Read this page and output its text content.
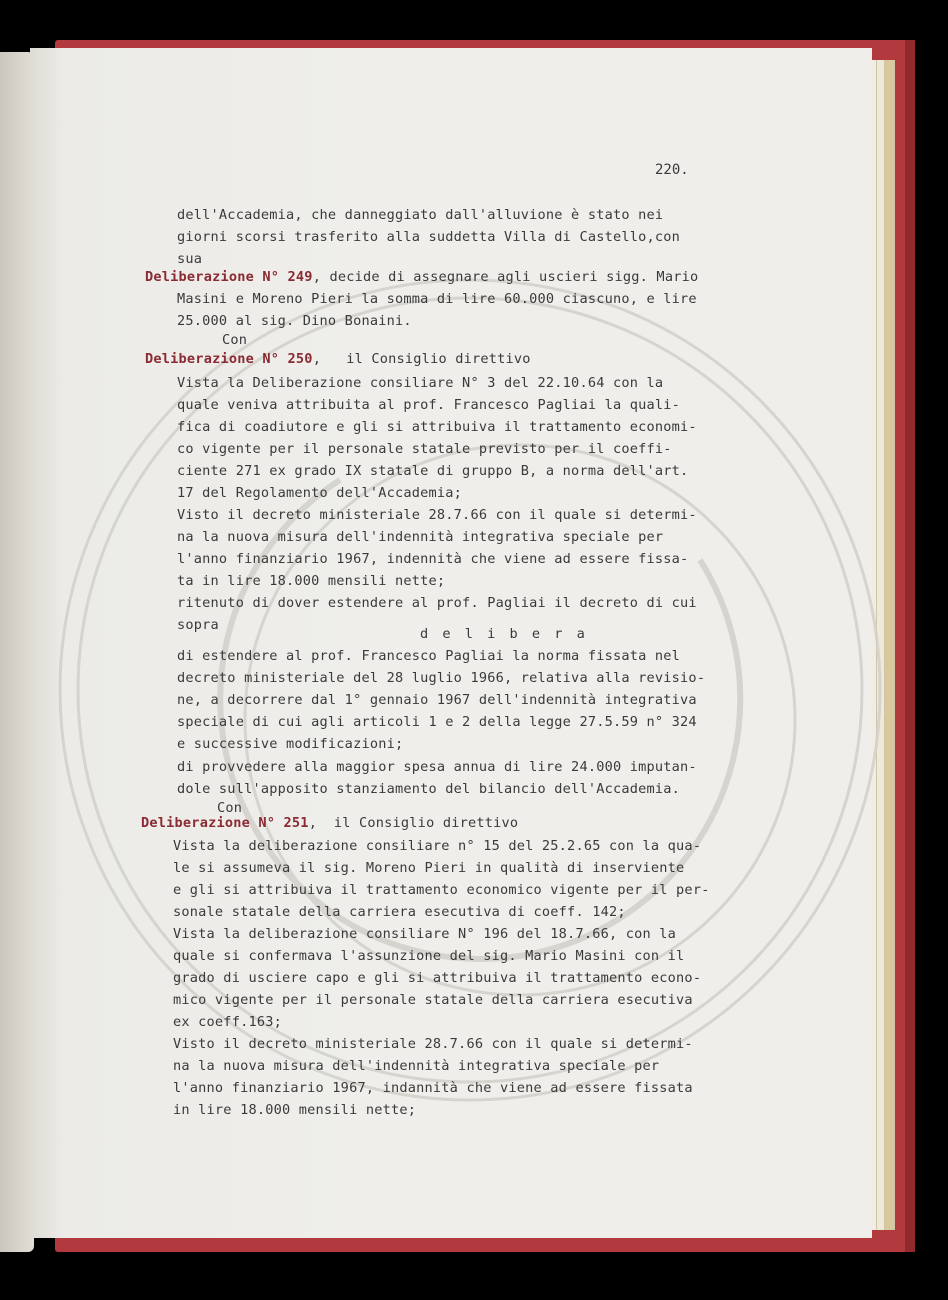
220.
dell'Accademia, che danneggiato dall'alluvione è stato nei
giorni scorsi trasferito alla suddetta Villa di Castello,con
sua
Deliberazione N° 249, decide di assegnare agli uscieri sigg. Mario
Masini e Moreno Pieri la somma di lire 60.000 ciascuno, e lire
25.000 al sig. Dino Bonaini.
Con
Deliberazione N° 250,   il Consiglio direttivo
Vista la Deliberazione consiliare N° 3 del 22.10.64 con la
quale veniva attribuita al prof. Francesco Pagliai la quali-
fica di coadiutore e gli si attribuiva il trattamento economi-
co vigente per il personale statale previsto per il coeffi-
ciente 271 ex grado IX statale di gruppo B, a norma dell'art.
17 del Regolamento dell'Accademia;
Visto il decreto ministeriale 28.7.66 con il quale si determi-
na la nuova misura dell'indennità integrativa speciale per
l'anno finanziario 1967, indennità che viene ad essere fissa-
ta in lire 18.000 mensili nette;
ritenuto di dover estendere al prof. Pagliai il decreto di cui
sopra
d e l i b e r a
di estendere al prof. Francesco Pagliai la norma fissata nel
decreto ministeriale del 28 luglio 1966, relativa alla revisio-
ne, a decorrere dal 1° gennaio 1967 dell'indennità integrativa
speciale di cui agli articoli 1 e 2 della legge 27.5.59 n° 324
e successive modificazioni;
di provvedere alla maggior spesa annua di lire 24.000 imputan-
dole sull'apposito stanziamento del bilancio dell'Accademia.
Con
Deliberazione N° 251,  il Consiglio direttivo
Vista la deliberazione consiliare n° 15 del 25.2.65 con la qua-
le si assumeva il sig. Moreno Pieri in qualità di inserviente
e gli si attribuiva il trattamento economico vigente per il per-
sonale statale della carriera esecutiva di coeff. 142;
Vista la deliberazione consiliare N° 196 del 18.7.66, con la
quale si confermava l'assunzione del sig. Mario Masini con il
grado di usciere capo e gli si attribuiva il trattamento econo-
mico vigente per il personale statale della carriera esecutiva
ex coeff.163;
Visto il decreto ministeriale 28.7.66 con il quale si determi-
na la nuova misura dell'indennità integrativa speciale per
l'anno finanziario 1967, indannità che viene ad essere fissata
in lire 18.000 mensili nette;
